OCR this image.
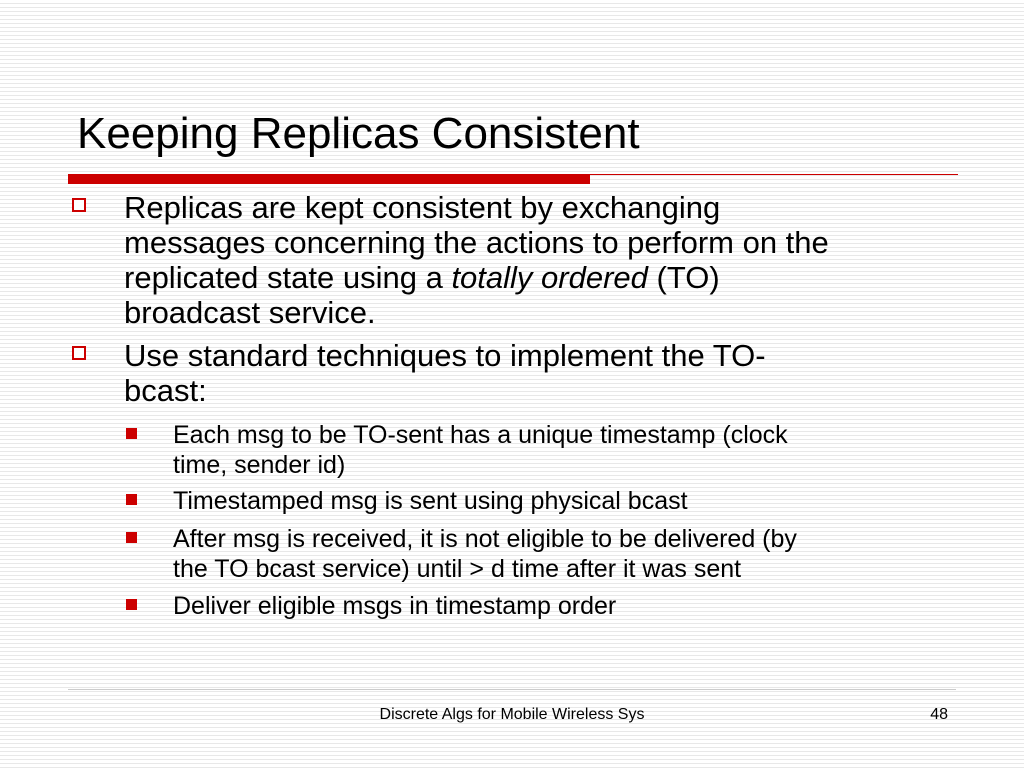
Keeping Replicas Consistent
Replicas are kept consistent by exchanging
messages concerning the actions to perform on the
replicated state using a totally ordered (TO)
broadcast service.
Use standard techniques to implement the TO-
bcast:
Each msg to be TO-sent has a unique timestamp (clock
time, sender id)
Timestamped msg is sent using physical bcast
After msg is received, it is not eligible to be delivered (by
the TO bcast service) until > d time after it was sent
Deliver eligible msgs in timestamp order
Discrete Algs for Mobile Wireless Sys	48
